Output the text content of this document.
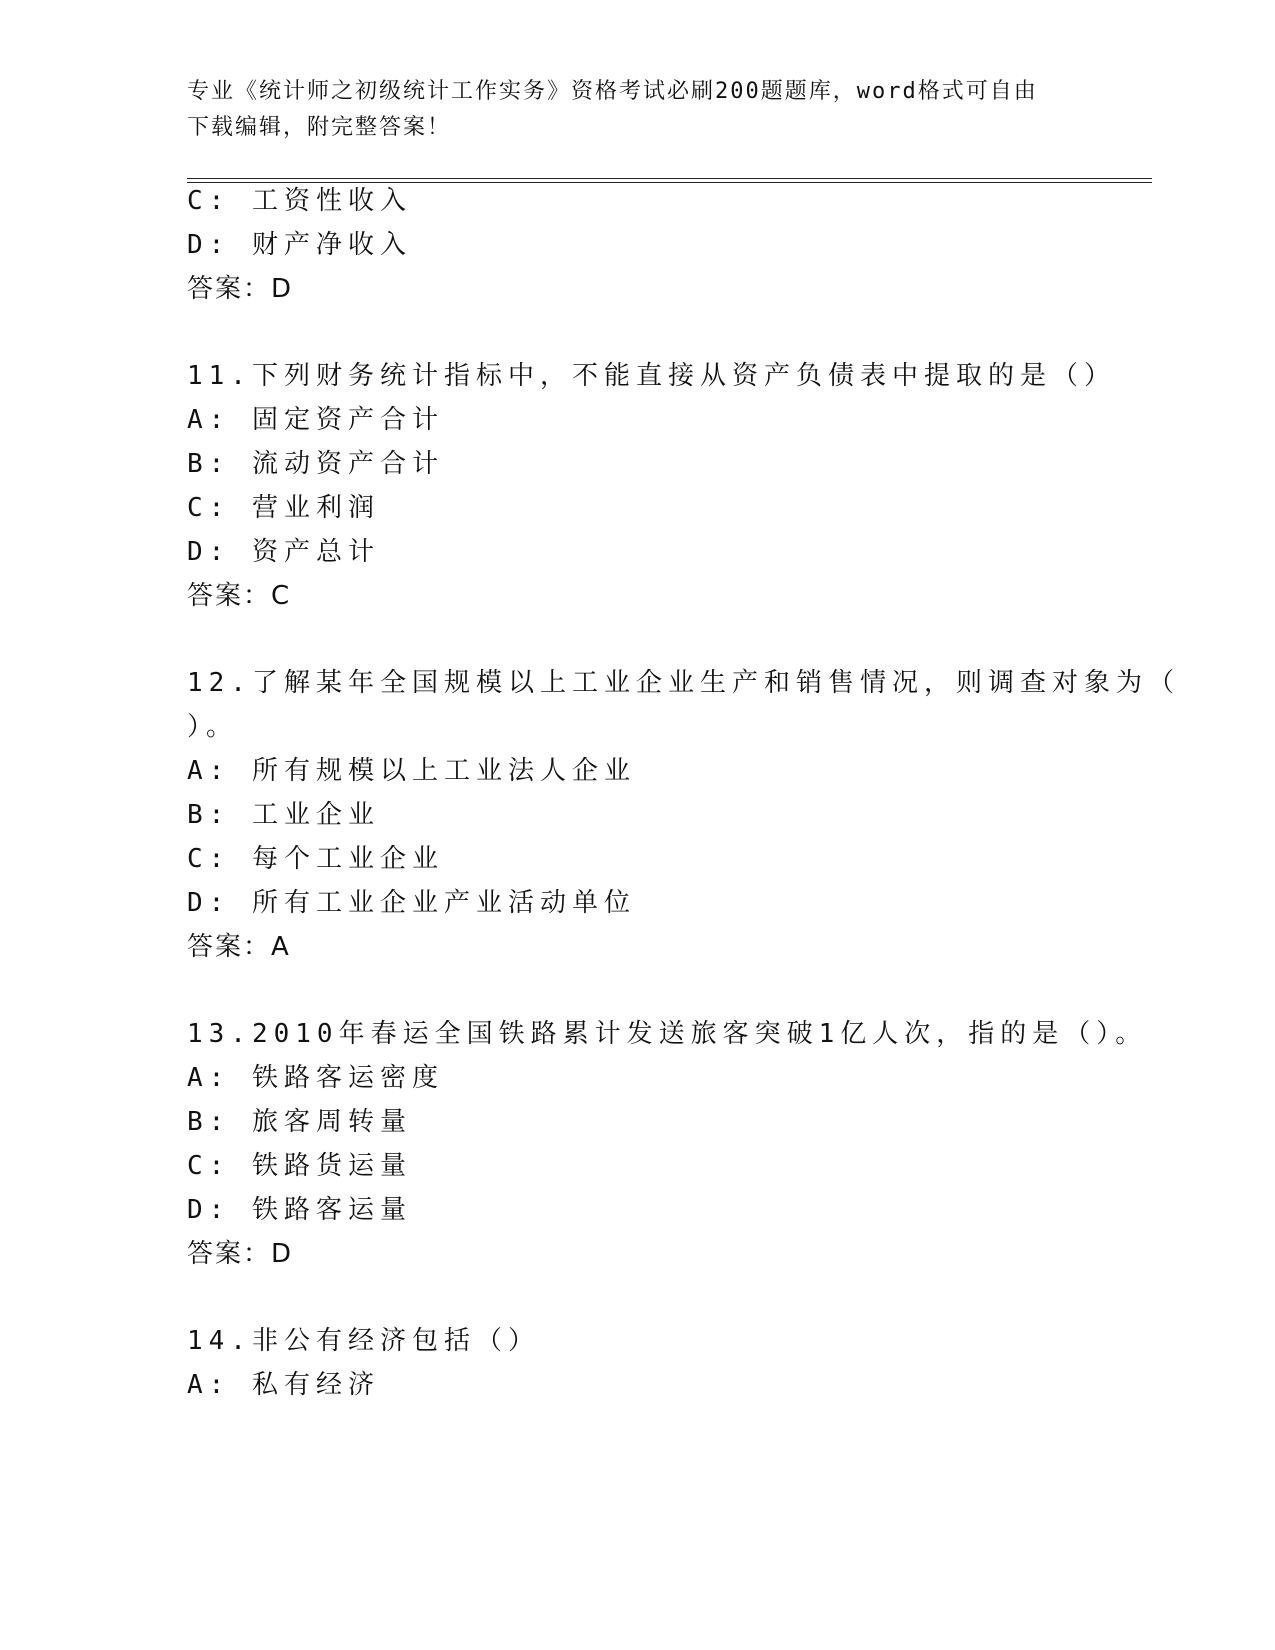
专业《统计师之初级统计工作实务》资格考试必刷200题题库，word格式可自由
下载编辑，附完整答案！
C: 工资性收入
D: 财产净收入
答案：D
11.下列财务统计指标中，不能直接从资产负债表中提取的是（）
A: 固定资产合计
B: 流动资产合计
C: 营业利润
D: 资产总计
答案：C
12.了解某年全国规模以上工业企业生产和销售情况，则调查对象为（
）。
A: 所有规模以上工业法人企业
B: 工业企业
C: 每个工业企业
D: 所有工业企业产业活动单位
答案：A
13.2010年春运全国铁路累计发送旅客突破1亿人次，指的是（）。
A: 铁路客运密度
B: 旅客周转量
C: 铁路货运量
D: 铁路客运量
答案：D
14.非公有经济包括（）
A: 私有经济
